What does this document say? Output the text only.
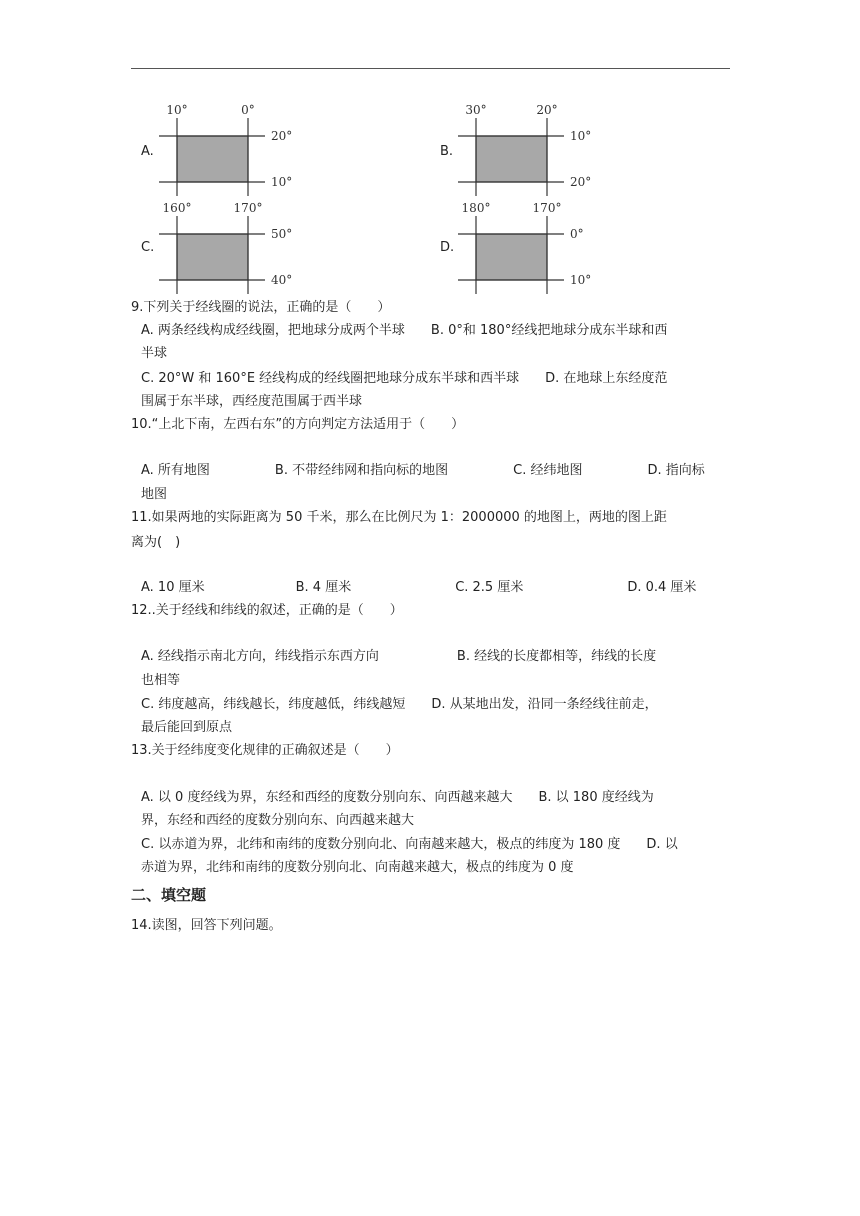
A.
10°	0°
20°
10°
B.
30°	20°
10°
20°
C.
160°	170°
50°
40°
D.
180°	170°
0°
10°
9.下列关于经线圈的说法，正确的是（　　）
A. 两条经线构成经线圈，把地球分成两个半球　　B. 0°和 180°经线把地球分成东半球和西
半球
C. 20°W 和 160°E 经线构成的经线圈把地球分成东半球和西半球　　D. 在地球上东经度范
围属于东半球，西经度范围属于西半球
10.“上北下南，左西右东”的方向判定方法适用于（　　）
A. 所有地图　　　　　B. 不带经纬网和指向标的地图　　　　　C. 经纬地图　　　　　D. 指向标
地图
11.如果两地的实际距离为 50 千米，那么在比例尺为 1：2000000 的地图上，两地的图上距
离为(　)
A. 10 厘米　　　　　　　B. 4 厘米　　　　　　　　C. 2.5 厘米　　　　　　　　D. 0.4 厘米
12..关于经线和纬线的叙述，正确的是（　　）
A. 经线指示南北方向，纬线指示东西方向　　　　　　B. 经线的长度都相等，纬线的长度
也相等
C. 纬度越高，纬线越长，纬度越低，纬线越短　　D. 从某地出发，沿同一条经线往前走，
最后能回到原点
13.关于经纬度变化规律的正确叙述是（　　）
A. 以 0 度经线为界，东经和西经的度数分别向东、向西越来越大　　B. 以 180 度经线为
界，东经和西经的度数分别向东、向西越来越大
C. 以赤道为界，北纬和南纬的度数分别向北、向南越来越大，极点的纬度为 180 度　　D. 以
赤道为界，北纬和南纬的度数分别向北、向南越来越大，极点的纬度为 0 度
二、填空题
14.读图，回答下列问题。
